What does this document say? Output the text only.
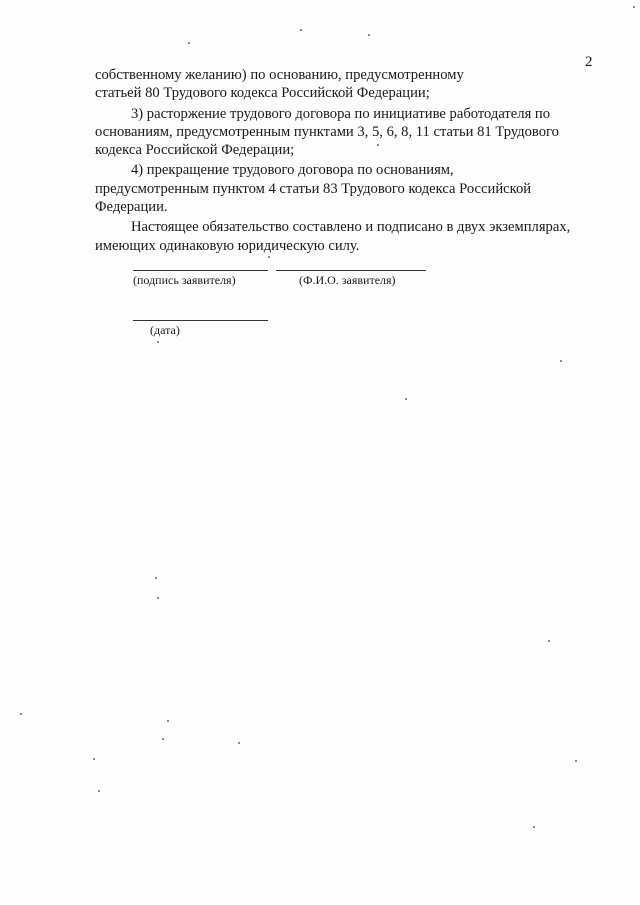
2

собственному желанию) по основанию, предусмотренному
статьей 80 Трудового кодекса Российской Федерации;

3) расторжение трудового договора по инициативе работодателя по
основаниям, предусмотренным пунктами 3, 5, 6, 8, 11 статьи 81 Трудового
кодекса Российской Федерации;

4) прекращение трудового договора по основаниям,
предусмотренным пунктом 4 статьи 83 Трудового кодекса Российской
Федерации.

Настоящее обязательство составлено и подписано в двух экземплярах,
имеющих одинаковую юридическую силу.

(подпись заявителя)	(Ф.И.О. заявителя)
(дата)
